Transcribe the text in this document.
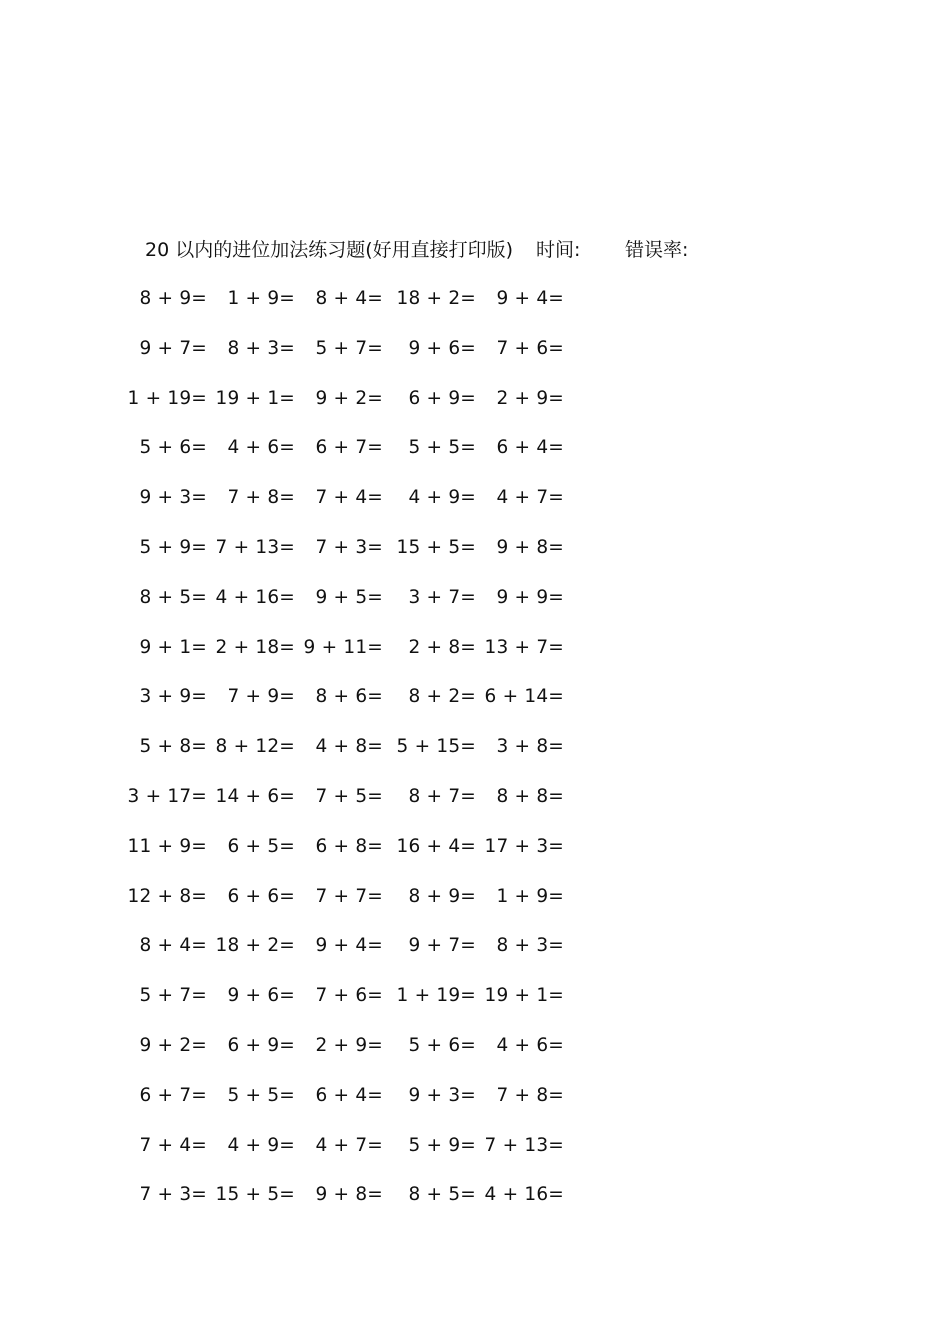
20 以内的进位加法练习题(好用直接打印版) 时间: 错误率:
8 + 9= 1 + 9= 8 + 4= 18 + 2= 9 + 4=
9 + 7= 8 + 3= 5 + 7= 9 + 6= 7 + 6=
1 + 19= 19 + 1= 9 + 2= 6 + 9= 2 + 9=
5 + 6= 4 + 6= 6 + 7= 5 + 5= 6 + 4=
9 + 3= 7 + 8= 7 + 4= 4 + 9= 4 + 7=
5 + 9= 7 + 13= 7 + 3= 15 + 5= 9 + 8=
8 + 5= 4 + 16= 9 + 5= 3 + 7= 9 + 9=
9 + 1= 2 + 18= 9 + 11= 2 + 8= 13 + 7=
3 + 9= 7 + 9= 8 + 6= 8 + 2= 6 + 14=
5 + 8= 8 + 12= 4 + 8= 5 + 15= 3 + 8=
3 + 17= 14 + 6= 7 + 5= 8 + 7= 8 + 8=
11 + 9= 6 + 5= 6 + 8= 16 + 4= 17 + 3=
12 + 8= 6 + 6= 7 + 7= 8 + 9= 1 + 9=
8 + 4= 18 + 2= 9 + 4= 9 + 7= 8 + 3=
5 + 7= 9 + 6= 7 + 6= 1 + 19= 19 + 1=
9 + 2= 6 + 9= 2 + 9= 5 + 6= 4 + 6=
6 + 7= 5 + 5= 6 + 4= 9 + 3= 7 + 8=
7 + 4= 4 + 9= 4 + 7= 5 + 9= 7 + 13=
7 + 3= 15 + 5= 9 + 8= 8 + 5= 4 + 16=
